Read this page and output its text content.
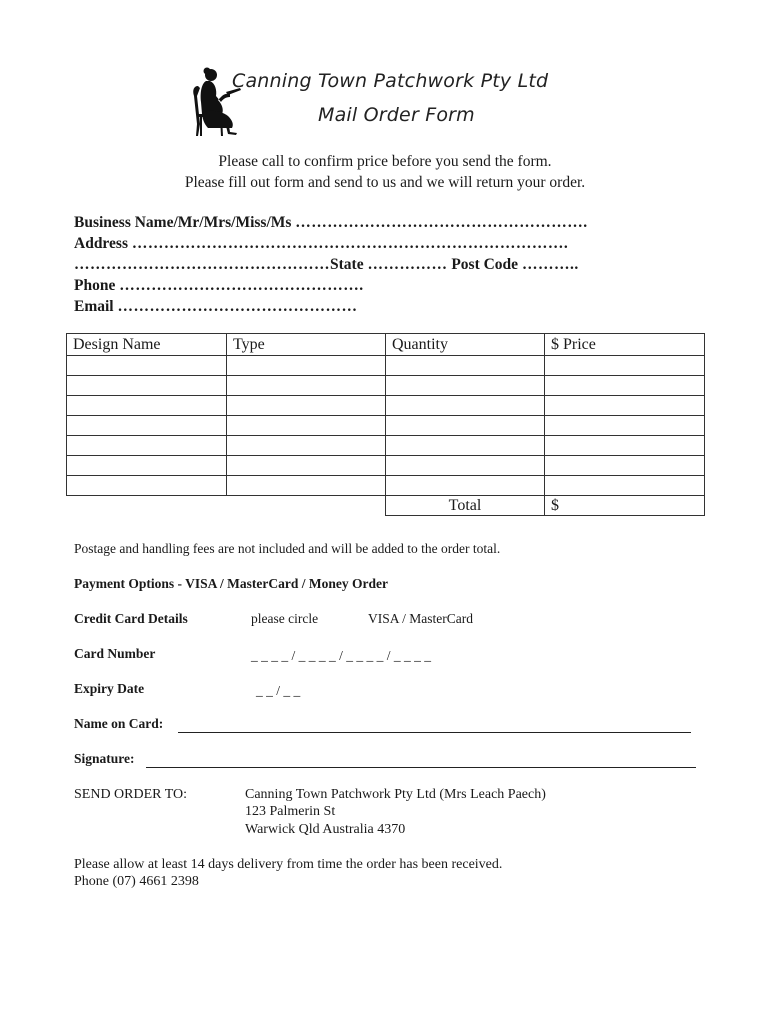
Canning Town Patchwork Pty Ltd
Mail Order Form
Please call to confirm price before you send the form.
Please fill out form and send to us and we will return your order.
Business Name/Mr/Mrs/Miss/Ms ……………………………………………….
Address ……………………………………………………………………….
…………………………………………State …………… Post Code ………..
Phone ……………………………………….
Email ………………………………………
Design Name	Type	Quantity	$ Price

		Total	$
Postage and handling fees are not included and will be added to the order total.
Payment Options - VISA / MasterCard / Money Order
Credit Card Details	please circle	VISA / MasterCard
Card Number	_ _ _ _ / _ _ _ _ / _ _ _ _ / _ _ _ _
Expiry Date	_ _ / _ _
Name on Card:
Signature:
SEND ORDER TO:	Canning Town Patchwork Pty Ltd (Mrs Leach Paech)
123 Palmerin St
Warwick Qld Australia 4370
Please allow at least 14 days delivery from time the order has been received.
Phone (07) 4661 2398
